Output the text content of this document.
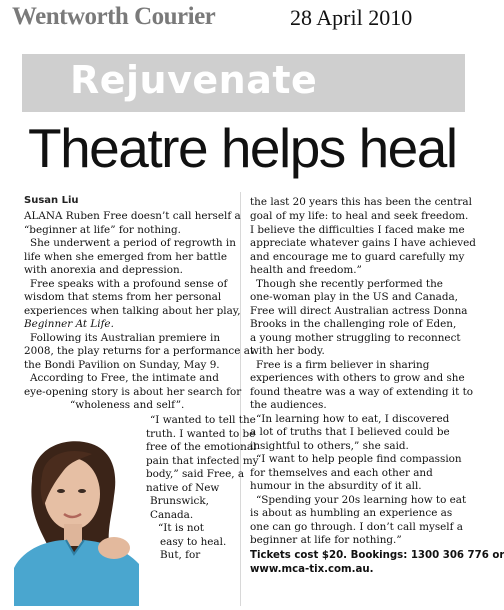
Wentworth Courier	28 April 2010
Rejuvenate
Theatre helps heal
Susan Liu
ALANA Ruben Free doesn’t call herself a
“beginner at life” for nothing.
She underwent a period of regrowth in
life when she emerged from her battle
with anorexia and depression.
Free speaks with a profound sense of
wisdom that stems from her personal
experiences when talking about her play,
Beginner At Life.
Following its Australian premiere in
2008, the play returns for a performance at
the Bondi Pavilion on Sunday, May 9.
According to Free, the intimate and
eye-opening story is about her search for
“wholeness and self”.
“I wanted to tell the
truth. I wanted to be
free of the emotional
pain that infected my
body,” said Free, a
native of New
Brunswick,
Canada.
“It is not
easy to heal.
But, for
the last 20 years this has been the central
goal of my life: to heal and seek freedom.
I believe the difficulties I faced make me
appreciate whatever gains I have achieved
and encourage me to guard carefully my
health and freedom.”
Though she recently performed the
one-woman play in the US and Canada,
Free will direct Australian actress Donna
Brooks in the challenging role of Eden,
a young mother struggling to reconnect
with her body.
Free is a firm believer in sharing
experiences with others to grow and she
found theatre was a way of extending it to
the audiences.
“In learning how to eat, I discovered
a lot of truths that I believed could be
insightful to others,” she said.
“I want to help people find compassion
for themselves and each other and
humour in the absurdity of it all.
“Spending your 20s learning how to eat
is about as humbling an experience as
one can go through. I don’t call myself a
beginner at life for nothing.”
Tickets cost $20. Bookings: 1300 306 776 or
www.mca-tix.com.au.
